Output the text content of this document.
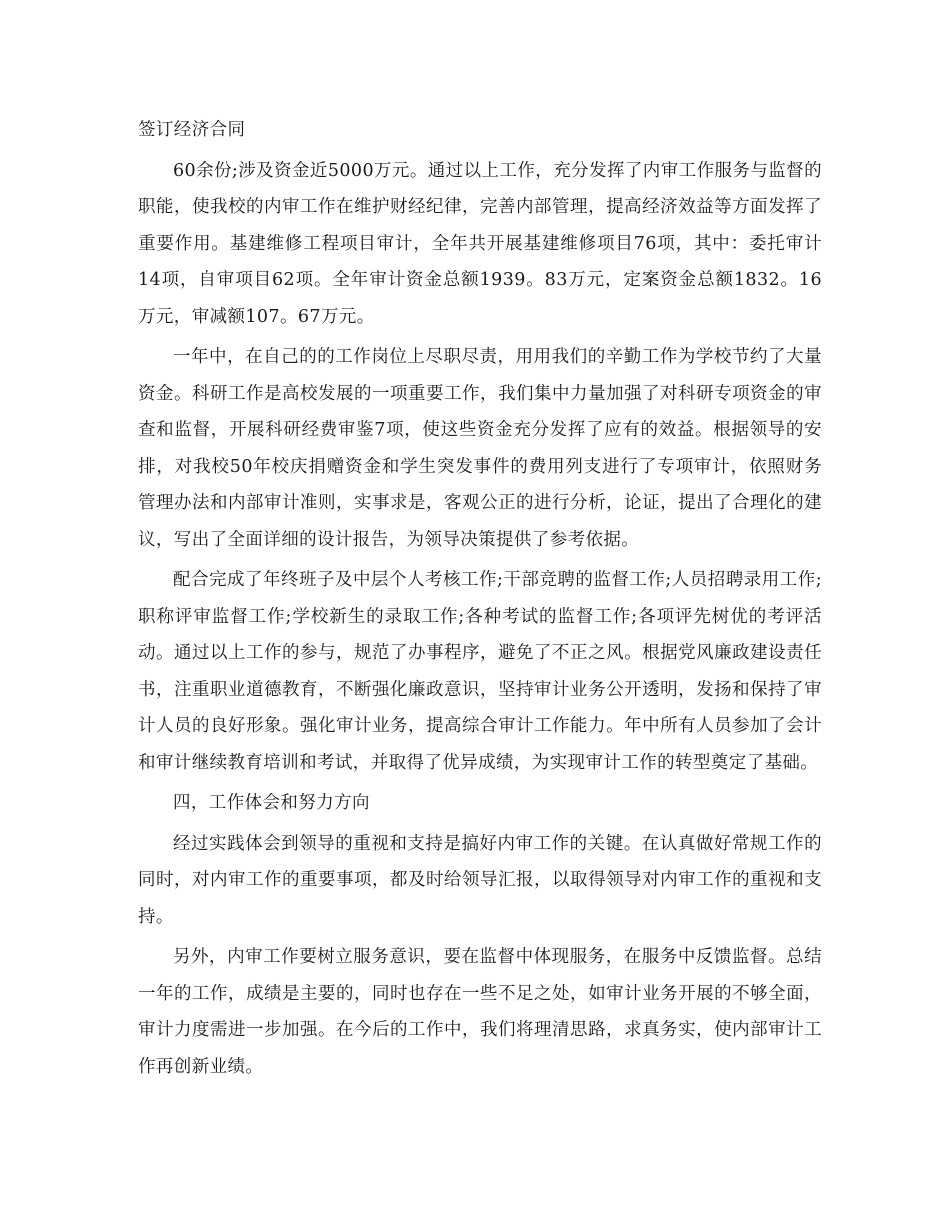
签订经济合同

60余份;涉及资金近5000万元。通过以上工作，充分发挥了内审工作服务与监督的职能，使我校的内审工作在维护财经纪律，完善内部管理，提高经济效益等方面发挥了重要作用。基建维修工程项目审计，全年共开展基建维修项目76项，其中：委托审计14项，自审项目62项。全年审计资金总额1939。83万元，定案资金总额1832。16万元，审减额107。67万元。

一年中，在自己的的工作岗位上尽职尽责，用用我们的辛勤工作为学校节约了大量资金。科研工作是高校发展的一项重要工作，我们集中力量加强了对科研专项资金的审查和监督，开展科研经费审鉴7项，使这些资金充分发挥了应有的效益。根据领导的安排，对我校50年校庆捐赠资金和学生突发事件的费用列支进行了专项审计，依照财务管理办法和内部审计准则，实事求是，客观公正的进行分析，论证，提出了合理化的建议，写出了全面详细的设计报告，为领导决策提供了参考依据。

配合完成了年终班子及中层个人考核工作;干部竞聘的监督工作;人员招聘录用工作;职称评审监督工作;学校新生的录取工作;各种考试的监督工作;各项评先树优的考评活动。通过以上工作的参与，规范了办事程序，避免了不正之风。根据党风廉政建设责任书，注重职业道德教育，不断强化廉政意识，坚持审计业务公开透明，发扬和保持了审计人员的良好形象。强化审计业务，提高综合审计工作能力。年中所有人员参加了会计和审计继续教育培训和考试，并取得了优异成绩，为实现审计工作的转型奠定了基础。

四，工作体会和努力方向

经过实践体会到领导的重视和支持是搞好内审工作的关键。在认真做好常规工作的同时，对内审工作的重要事项，都及时给领导汇报，以取得领导对内审工作的重视和支持。

另外，内审工作要树立服务意识，要在监督中体现服务，在服务中反馈监督。总结一年的工作，成绩是主要的，同时也存在一些不足之处，如审计业务开展的不够全面，审计力度需进一步加强。在今后的工作中，我们将理清思路，求真务实，使内部审计工作再创新业绩。
